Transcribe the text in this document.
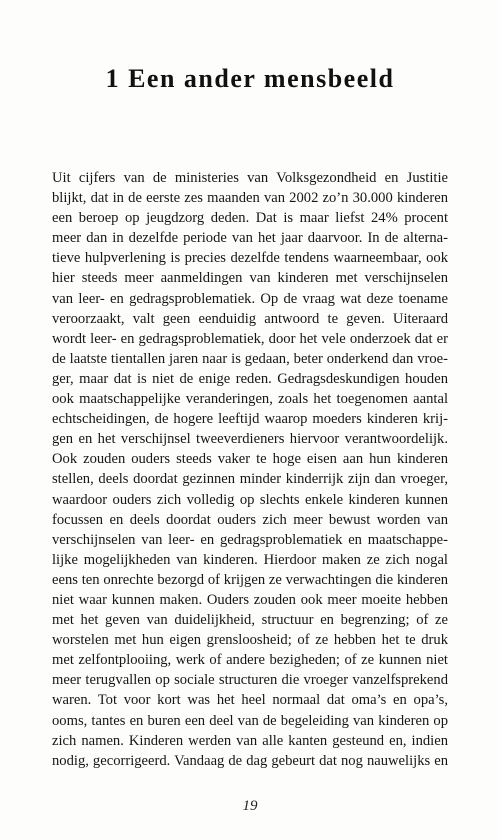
1 Een ander mensbeeld
Uit cijfers van de ministeries van Volksgezondheid en Justitie
blijkt, dat in de eerste zes maanden van 2002 zo’n 30.000 kinderen
een beroep op jeugdzorg deden. Dat is maar liefst 24% procent
meer dan in dezelfde periode van het jaar daarvoor. In de alterna-
tieve hulpverlening is precies dezelfde tendens waarneembaar, ook
hier steeds meer aanmeldingen van kinderen met verschijnselen
van leer- en gedragsproblematiek. Op de vraag wat deze toename
veroorzaakt, valt geen eenduidig antwoord te geven. Uiteraard
wordt leer- en gedragsproblematiek, door het vele onderzoek dat er
de laatste tientallen jaren naar is gedaan, beter onderkend dan vroe-
ger, maar dat is niet de enige reden. Gedragsdeskundigen houden
ook maatschappelijke veranderingen, zoals het toegenomen aantal
echtscheidingen, de hogere leeftijd waarop moeders kinderen krij-
gen en het verschijnsel tweeverdieners hiervoor verantwoordelijk.
Ook zouden ouders steeds vaker te hoge eisen aan hun kinderen
stellen, deels doordat gezinnen minder kinderrijk zijn dan vroeger,
waardoor ouders zich volledig op slechts enkele kinderen kunnen
focussen en deels doordat ouders zich meer bewust worden van
verschijnselen van leer- en gedragsproblematiek en maatschappe-
lijke mogelijkheden van kinderen. Hierdoor maken ze zich nogal
eens ten onrechte bezorgd of krijgen ze verwachtingen die kinderen
niet waar kunnen maken. Ouders zouden ook meer moeite hebben
met het geven van duidelijkheid, structuur en begrenzing; of ze
worstelen met hun eigen grensloosheid; of ze hebben het te druk
met zelfontplooiing, werk of andere bezigheden; of ze kunnen niet
meer terugvallen op sociale structuren die vroeger vanzelfsprekend
waren. Tot voor kort was het heel normaal dat oma’s en opa’s,
ooms, tantes en buren een deel van de begeleiding van kinderen op
zich namen. Kinderen werden van alle kanten gesteund en, indien
nodig, gecorrigeerd. Vandaag de dag gebeurt dat nog nauwelijks en
19
